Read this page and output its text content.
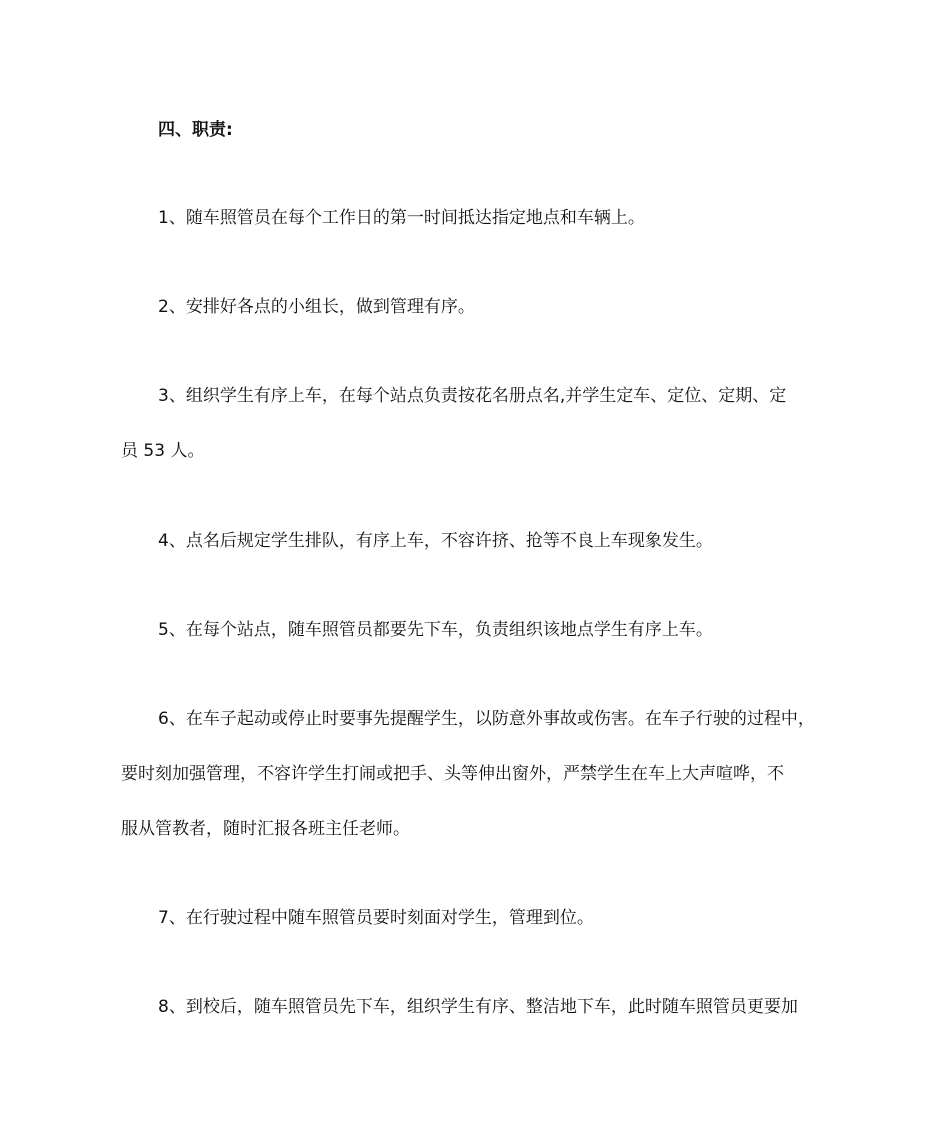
四、职责:
1、随车照管员在每个工作日的第一时间抵达指定地点和车辆上。
2、安排好各点的小组长，做到管理有序。
3、组织学生有序上车，在每个站点负责按花名册点名,并学生定车、定位、定期、定
员 53 人。
4、点名后规定学生排队，有序上车，不容许挤、抢等不良上车现象发生。
5、在每个站点，随车照管员都要先下车，负责组织该地点学生有序上车。
6、在车子起动或停止时要事先提醒学生，以防意外事故或伤害。在车子行驶的过程中，
要时刻加强管理，不容许学生打闹或把手、头等伸出窗外，严禁学生在车上大声喧哗，不
服从管教者，随时汇报各班主任老师。
7、在行驶过程中随车照管员要时刻面对学生，管理到位。
8、到校后，随车照管员先下车，组织学生有序、整洁地下车，此时随车照管员更要加
